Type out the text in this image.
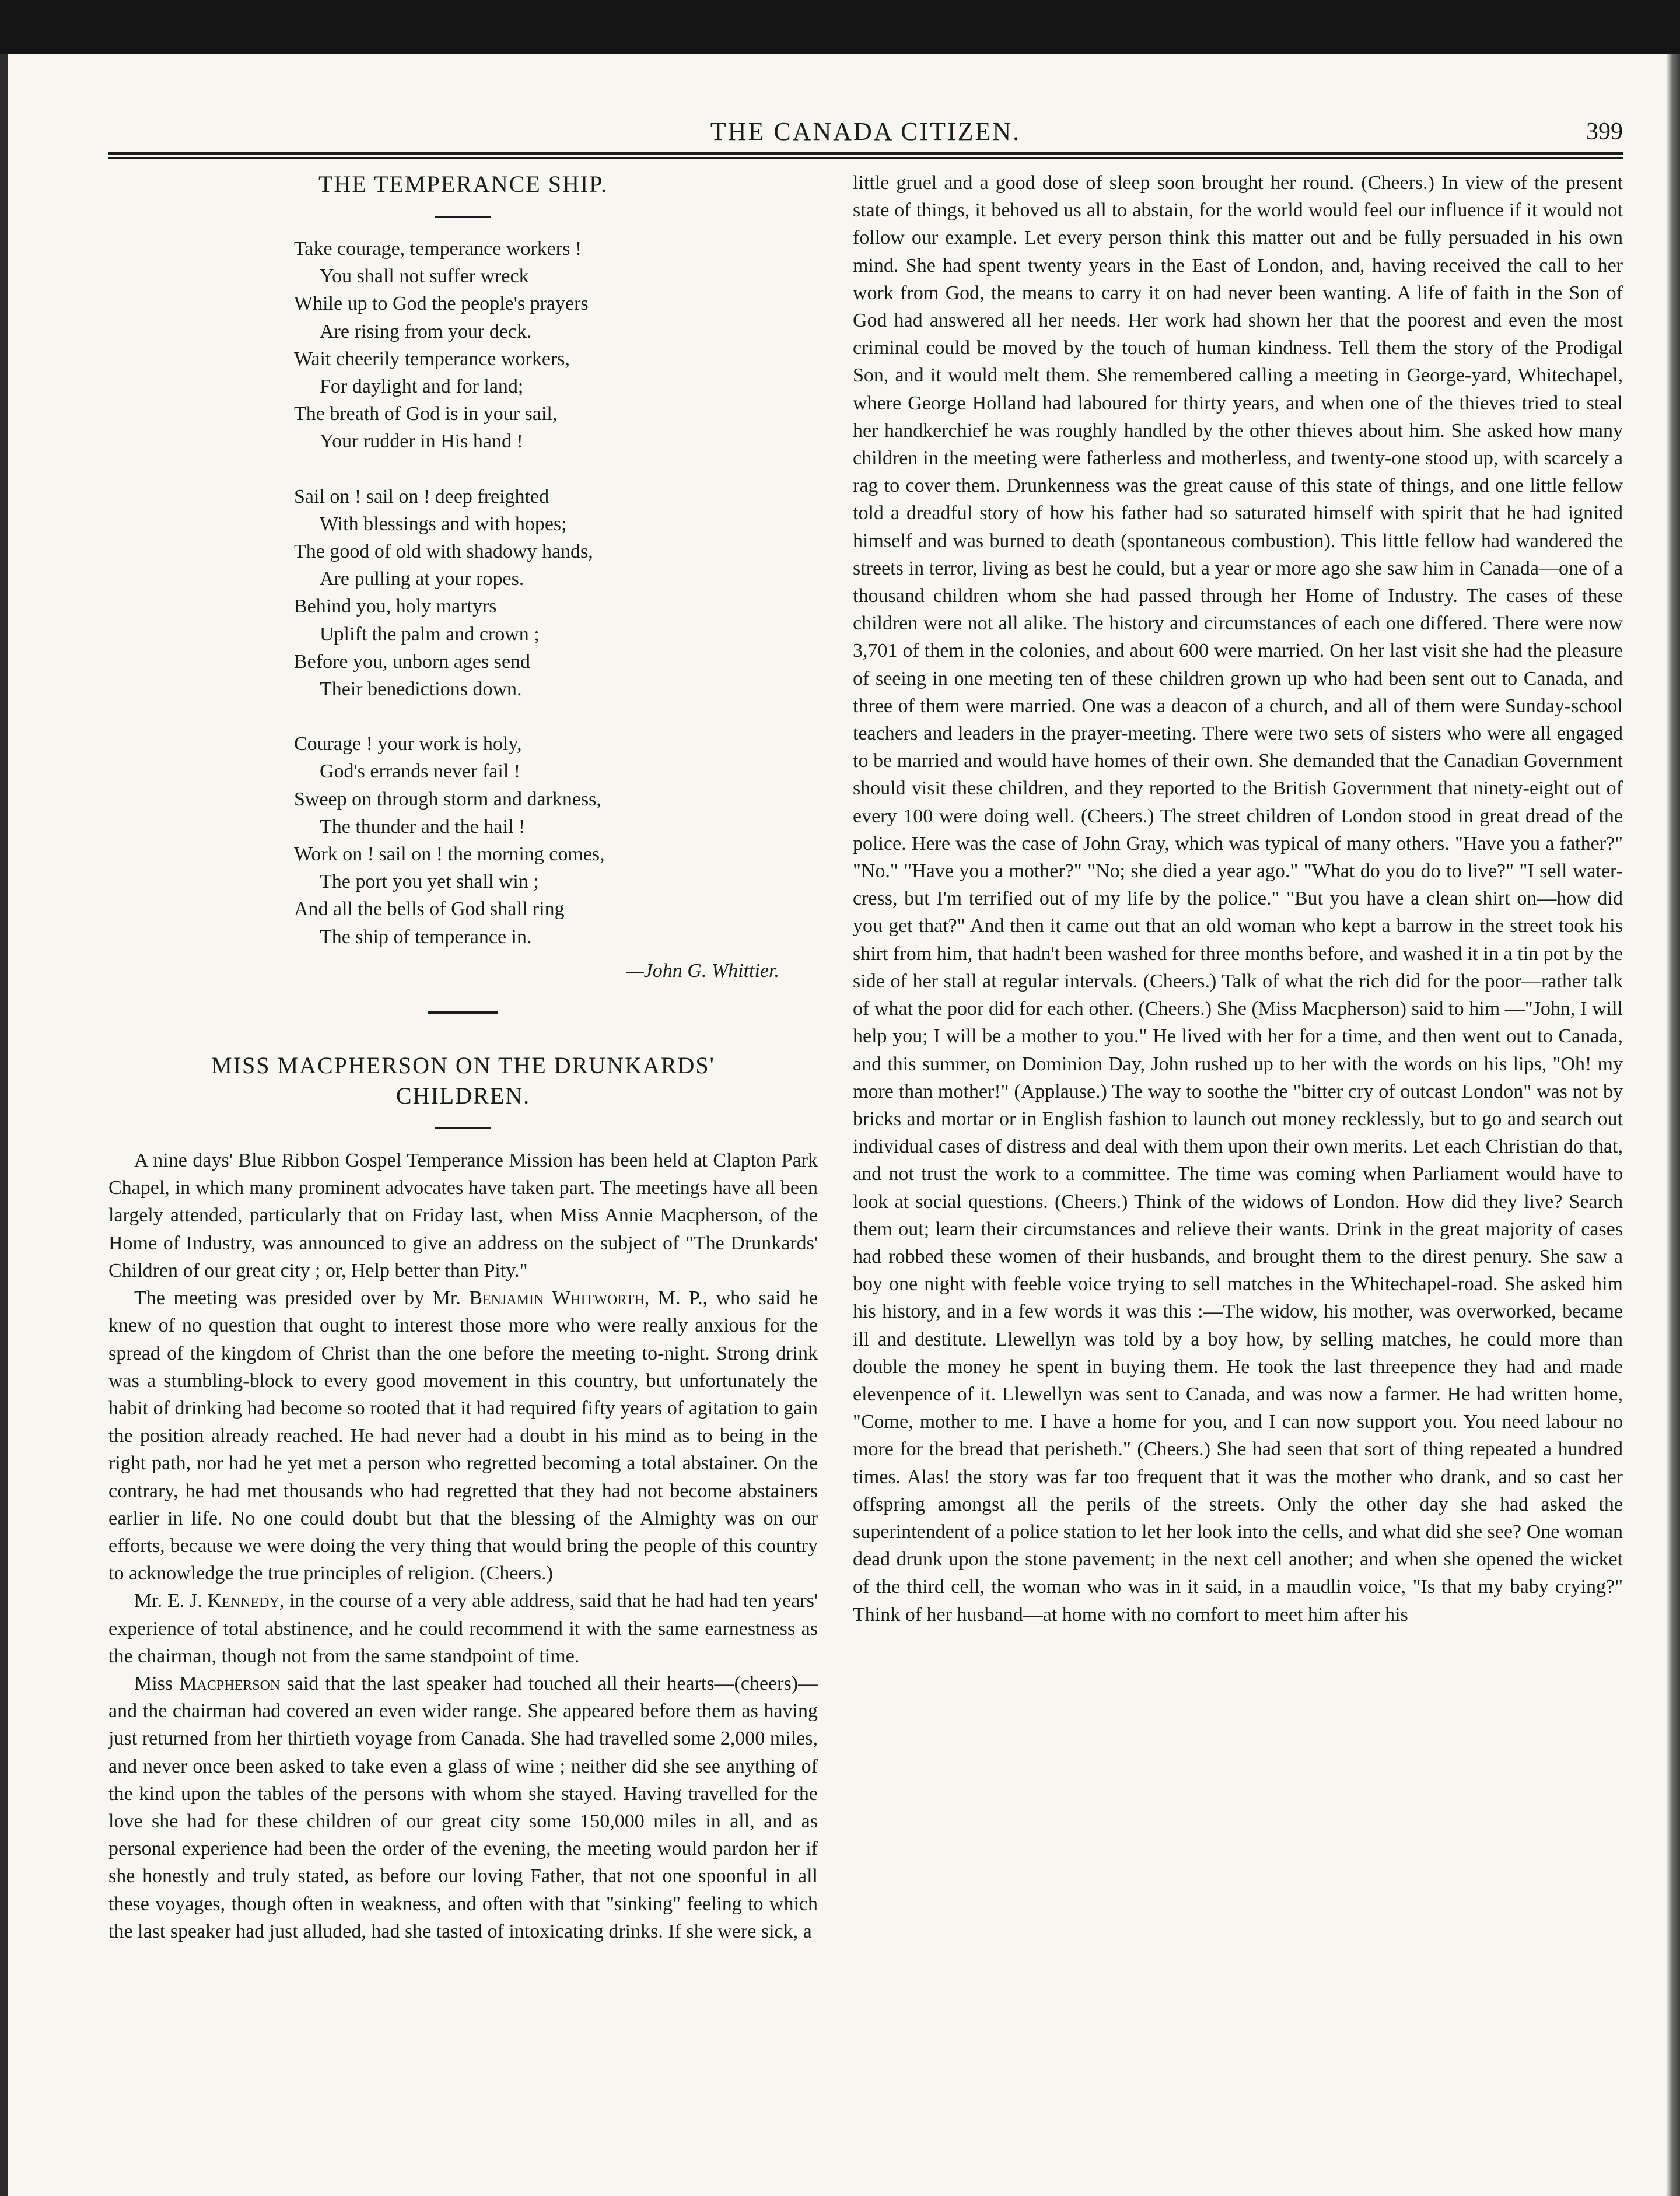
THE CANADA CITIZEN.	399
THE TEMPERANCE SHIP.
Take courage, temperance workers !
You shall not suffer wreck
While up to God the people's prayers
Are rising from your deck.
Wait cheerily temperance workers,
For daylight and for land;
The breath of God is in your sail,
Your rudder in His hand !
Sail on ! sail on ! deep freighted
With blessings and with hopes;
The good of old with shadowy hands,
Are pulling at your ropes.
Behind you, holy martyrs
Uplift the palm and crown ;
Before you, unborn ages send
Their benedictions down.
Courage ! your work is holy,
God's errands never fail !
Sweep on through storm and darkness,
The thunder and the hail !
Work on ! sail on ! the morning comes,
The port you yet shall win ;
And all the bells of God shall ring
The ship of temperance in.
—John G. Whittier.
MISS MACPHERSON ON THE DRUNKARDS'
CHILDREN.

A nine days' Blue Ribbon Gospel Temperance Mission has been held at Clapton Park Chapel, in which many prominent advocates have taken part. The meetings have all been largely attended, particularly that on Friday last, when Miss Annie Macpherson, of the Home of Industry, was announced to give an address on the subject of "The Drunkards' Children of our great city ; or, Help better than Pity."

The meeting was presided over by Mr. Benjamin Whitworth, M. P., who said he knew of no question that ought to interest those more who were really anxious for the spread of the kingdom of Christ than the one before the meeting to-night. Strong drink was a stumbling-block to every good movement in this country, but unfortunately the habit of drinking had become so rooted that it had required fifty years of agitation to gain the position already reached. He had never had a doubt in his mind as to being in the right path, nor had he yet met a person who regretted becoming a total abstainer. On the contrary, he had met thousands who had regretted that they had not become abstainers earlier in life. No one could doubt but that the blessing of the Almighty was on our efforts, because we were doing the very thing that would bring the people of this country to acknowledge the true principles of religion. (Cheers.)

Mr. E. J. Kennedy, in the course of a very able address, said that he had had ten years' experience of total abstinence, and he could recommend it with the same earnestness as the chairman, though not from the same standpoint of time.

Miss Macpherson said that the last speaker had touched all their hearts—(cheers)—and the chairman had covered an even wider range. She appeared before them as having just returned from her thirtieth voyage from Canada. She had travelled some 2,000 miles, and never once been asked to take even a glass of wine ; neither did she see anything of the kind upon the tables of the persons with whom she stayed. Having travelled for the love she had for these children of our great city some 150,000 miles in all, and as personal experience had been the order of the evening, the meeting would pardon her if she honestly and truly stated, as before our loving Father, that not one spoonful in all these voyages, though often in weakness, and often with that "sinking" feeling to which the last speaker had just alluded, had she tasted of intoxicating drinks. If she were sick, a

little gruel and a good dose of sleep soon brought her round. (Cheers.) In view of the present state of things, it behoved us all to abstain, for the world would feel our influence if it would not follow our example. Let every person think this matter out and be fully persuaded in his own mind. She had spent twenty years in the East of London, and, having received the call to her work from God, the means to carry it on had never been wanting. A life of faith in the Son of God had answered all her needs. Her work had shown her that the poorest and even the most criminal could be moved by the touch of human kindness. Tell them the story of the Prodigal Son, and it would melt them. She remembered calling a meeting in George-yard, Whitechapel, where George Holland had laboured for thirty years, and when one of the thieves tried to steal her handkerchief he was roughly handled by the other thieves about him. She asked how many children in the meeting were fatherless and motherless, and twenty-one stood up, with scarcely a rag to cover them. Drunkenness was the great cause of this state of things, and one little fellow told a dreadful story of how his father had so saturated himself with spirit that he had ignited himself and was burned to death (spontaneous combustion). This little fellow had wandered the streets in terror, living as best he could, but a year or more ago she saw him in Canada—one of a thousand children whom she had passed through her Home of Industry. The cases of these children were not all alike. The history and circumstances of each one differed. There were now 3,701 of them in the colonies, and about 600 were married. On her last visit she had the pleasure of seeing in one meeting ten of these children grown up who had been sent out to Canada, and three of them were married. One was a deacon of a church, and all of them were Sunday-school teachers and leaders in the prayer-meeting. There were two sets of sisters who were all engaged to be married and would have homes of their own. She demanded that the Canadian Government should visit these children, and they reported to the British Government that ninety-eight out of every 100 were doing well. (Cheers.) The street children of London stood in great dread of the police. Here was the case of John Gray, which was typical of many others. "Have you a father?" "No." "Have you a mother?" "No; she died a year ago." "What do you do to live?" "I sell water-cress, but I'm terrified out of my life by the police." "But you have a clean shirt on—how did you get that?" And then it came out that an old woman who kept a barrow in the street took his shirt from him, that hadn't been washed for three months before, and washed it in a tin pot by the side of her stall at regular intervals. (Cheers.) Talk of what the rich did for the poor—rather talk of what the poor did for each other. (Cheers.) She (Miss Macpherson) said to him —"John, I will help you; I will be a mother to you." He lived with her for a time, and then went out to Canada, and this summer, on Dominion Day, John rushed up to her with the words on his lips, "Oh! my more than mother!" (Applause.) The way to soothe the "bitter cry of outcast London" was not by bricks and mortar or in English fashion to launch out money recklessly, but to go and search out individual cases of distress and deal with them upon their own merits. Let each Christian do that, and not trust the work to a committee. The time was coming when Parliament would have to look at social questions. (Cheers.) Think of the widows of London. How did they live? Search them out; learn their circumstances and relieve their wants. Drink in the great majority of cases had robbed these women of their husbands, and brought them to the direst penury. She saw a boy one night with feeble voice trying to sell matches in the Whitechapel-road. She asked him his history, and in a few words it was this :—The widow, his mother, was overworked, became ill and destitute. Llewellyn was told by a boy how, by selling matches, he could more than double the money he spent in buying them. He took the last threepence they had and made elevenpence of it. Llewellyn was sent to Canada, and was now a farmer. He had written home, "Come, mother to me. I have a home for you, and I can now support you. You need labour no more for the bread that perisheth." (Cheers.) She had seen that sort of thing repeated a hundred times. Alas! the story was far too frequent that it was the mother who drank, and so cast her offspring amongst all the perils of the streets. Only the other day she had asked the superintendent of a police station to let her look into the cells, and what did she see? One woman dead drunk upon the stone pavement; in the next cell another; and when she opened the wicket of the third cell, the woman who was in it said, in a maudlin voice, "Is that my baby crying?" Think of her husband—at home with no comfort to meet him after his
